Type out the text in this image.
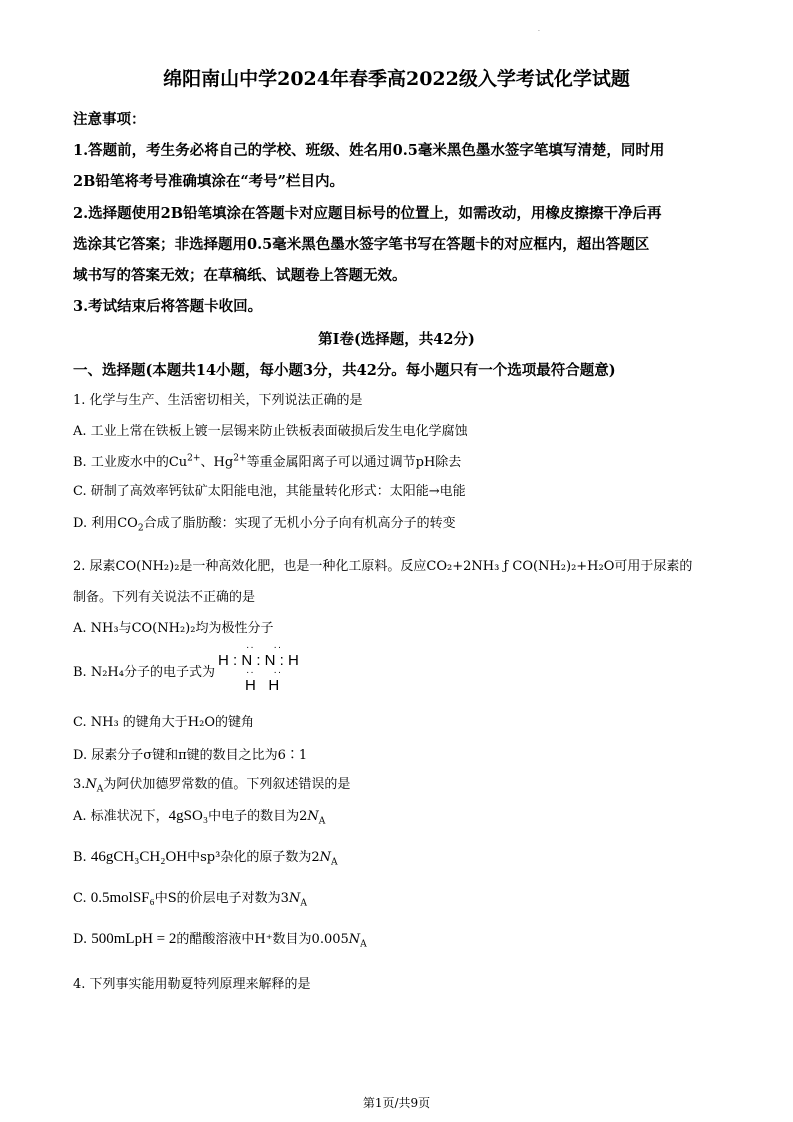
·
绵阳南山中学2024年春季高2022级入学考试化学试题
注意事项：
1.答题前，考生务必将自己的学校、班级、姓名用0.5毫米黑色墨水签字笔填写清楚，同时用
2B铅笔将考号准确填涂在“考号”栏目内。
2.选择题使用2B铅笔填涂在答题卡对应题目标号的位置上，如需改动，用橡皮擦擦干净后再
选涂其它答案；非选择题用0.5毫米黑色墨水签字笔书写在答题卡的对应框内，超出答题区
域书写的答案无效；在草稿纸、试题卷上答题无效。
3.考试结束后将答题卡收回。
第Ⅰ卷(选择题，共42分)
一、选择题(本题共14小题，每小题3分，共42分。每小题只有一个选项最符合题意)
1. 化学与生产、生活密切相关，下列说法正确的是
A. 工业上常在铁板上镀一层锡来防止铁板表面破损后发生电化学腐蚀
B. 工业废水中的$Cu^{2+}$、$Hg^{2+}$等重金属阳离子可以通过调节pH除去
C. 研制了高效率钙钛矿太阳能电池，其能量转化形式：太阳能→电能
D. 利用$CO_2$合成了脂肪酸：实现了无机小分子向有机高分子的转变
2. 尿素CO(NH₂)₂是一种高效化肥，也是一种化工原料。反应CO₂+2NH₃ ƒ CO(NH₂)₂+H₂O可用于尿素的
制备。下列有关说法不正确的是
A. NH₃与CO(NH₂)₂均为极性分子
B. N₂H₄分子的电子式为
··     ··
H : N : N : H
··     ··
H   H
C. NH₃ 的键角大于H₂O的键角
D. 尿素分子σ键和π键的数目之比为6∶1
$3.N_A$为阿伏加德罗常数的值。下列叙述错误的是
A. 标准状况下，4gSO₃中电子的数目为$2N_A$
B. 46gCH₃CH₂OH中sp³杂化的原子数为$2N_A$
C. 0.5molSF₆中S的价层电子对数为$3N_A$
D. 500mLpH = 2的醋酸溶液中H⁺数目为$0.005N_A$
4. 下列事实能用勒夏特列原理来解释的是
第1页/共9页
